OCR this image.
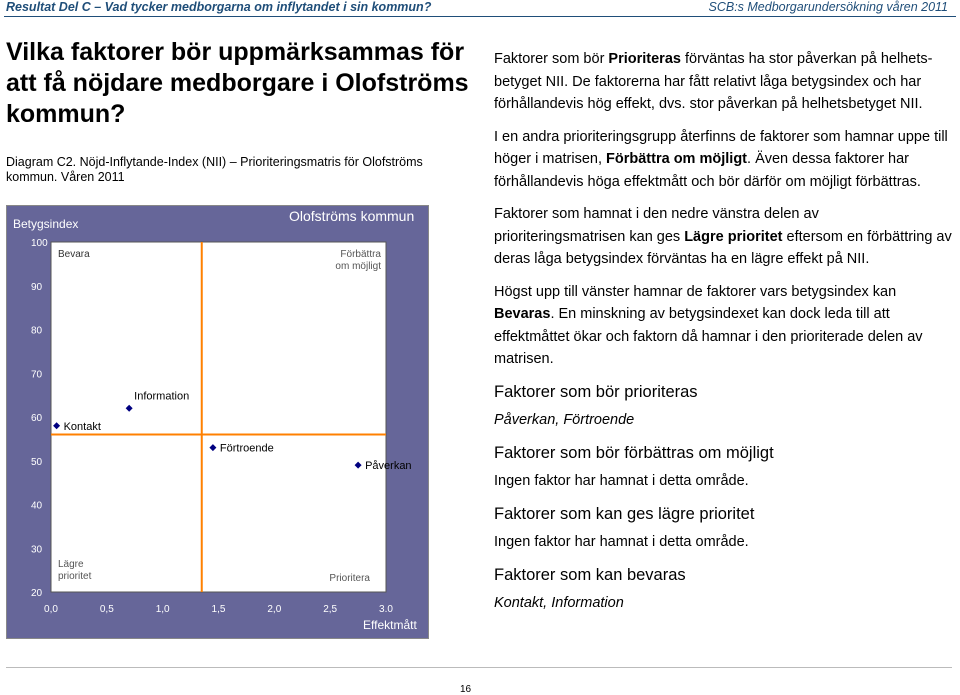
Resultat Del C – Vad tycker medborgarna om inflytandet i sin kommun?	SCB:s Medborgarundersökning våren 2011
Vilka faktorer bör uppmärksammas för att få nöjdare medborgare i Olofströms kommun?
Diagram C2. Nöjd-Inflytande-Index (NII) – Prioriteringsmatris för Olofströms kommun. Våren 2011
Olofströms kommun
Betygsindex
20
30
40
50
60
70
80
90
100
0,0	0,5	1,0	1,5	2,0	2,5	3.0
Effektmått
Bevara	Förbättra om möjligt
Lägre prioritet	Prioritera
Kontakt
Information
Förtroende
Påverkan

Faktorer som bör Prioriteras förväntas ha stor påverkan på helhetsbetyget NII. De faktorerna har fått relativt låga betygsindex och har förhållandevis hög effekt, dvs. stor påverkan på helhetsbetyget NII.

I en andra prioriteringsgrupp återfinns de faktorer som hamnar uppe till höger i matrisen, Förbättra om möjligt. Även dessa faktorer har förhållandevis höga effektmått och bör därför om möjligt förbättras.

Faktorer som hamnat i den nedre vänstra delen av prioriteringsmatrisen kan ges Lägre prioritet eftersom en förbättring av deras låga betygsindex förväntas ha en lägre effekt på NII.

Högst upp till vänster hamnar de faktorer vars betygsindex kan Bevaras. En minskning av betygsindexet kan dock leda till att effektmåttet ökar och faktorn då hamnar i den prioriterade delen av matrisen.

Faktorer som bör prioriteras
Påverkan, Förtroende
Faktorer som bör förbättras om möjligt
Ingen faktor har hamnat i detta område.
Faktorer som kan ges lägre prioritet
Ingen faktor har hamnat i detta område.
Faktorer som kan bevaras
Kontakt, Information
16
